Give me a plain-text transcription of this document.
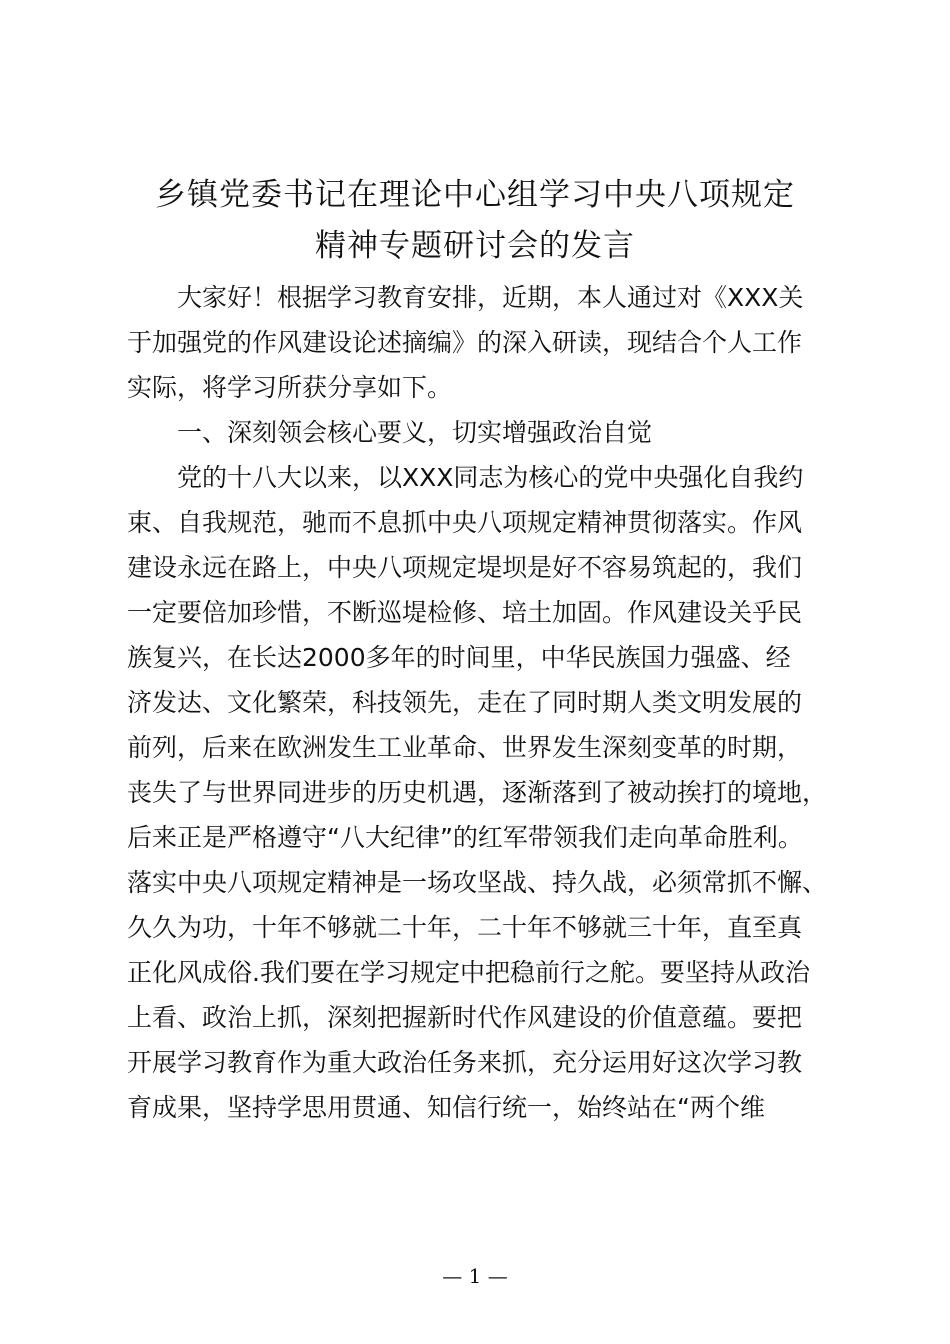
乡镇党委书记在理论中心组学习中央八项规定
精神专题研讨会的发言
大家好！根据学习教育安排，近期，本人通过对《XXX关
于加强党的作风建设论述摘编》的深入研读，现结合个人工作
实际，将学习所获分享如下。
一、深刻领会核心要义，切实增强政治自觉
党的十八大以来，以XXX同志为核心的党中央强化自我约
束、自我规范，驰而不息抓中央八项规定精神贯彻落实。作风
建设永远在路上，中央八项规定堤坝是好不容易筑起的，我们
一定要倍加珍惜，不断巡堤检修、培土加固。作风建设关乎民
族复兴，在长达2000多年的时间里，中华民族国力强盛、经
济发达、文化繁荣，科技领先，走在了同时期人类文明发展的
前列，后来在欧洲发生工业革命、世界发生深刻变革的时期，
丧失了与世界同进步的历史机遇，逐渐落到了被动挨打的境地，
后来正是严格遵守“八大纪律”的红军带领我们走向革命胜利。
落实中央八项规定精神是一场攻坚战、持久战，必须常抓不懈、
久久为功，十年不够就二十年，二十年不够就三十年，直至真
正化风成俗.我们要在学习规定中把稳前行之舵。要坚持从政治
上看、政治上抓，深刻把握新时代作风建设的价值意蕴。要把
开展学习教育作为重大政治任务来抓，充分运用好这次学习教
育成果，坚持学思用贯通、知信行统一，始终站在“两个维
— 1 —
